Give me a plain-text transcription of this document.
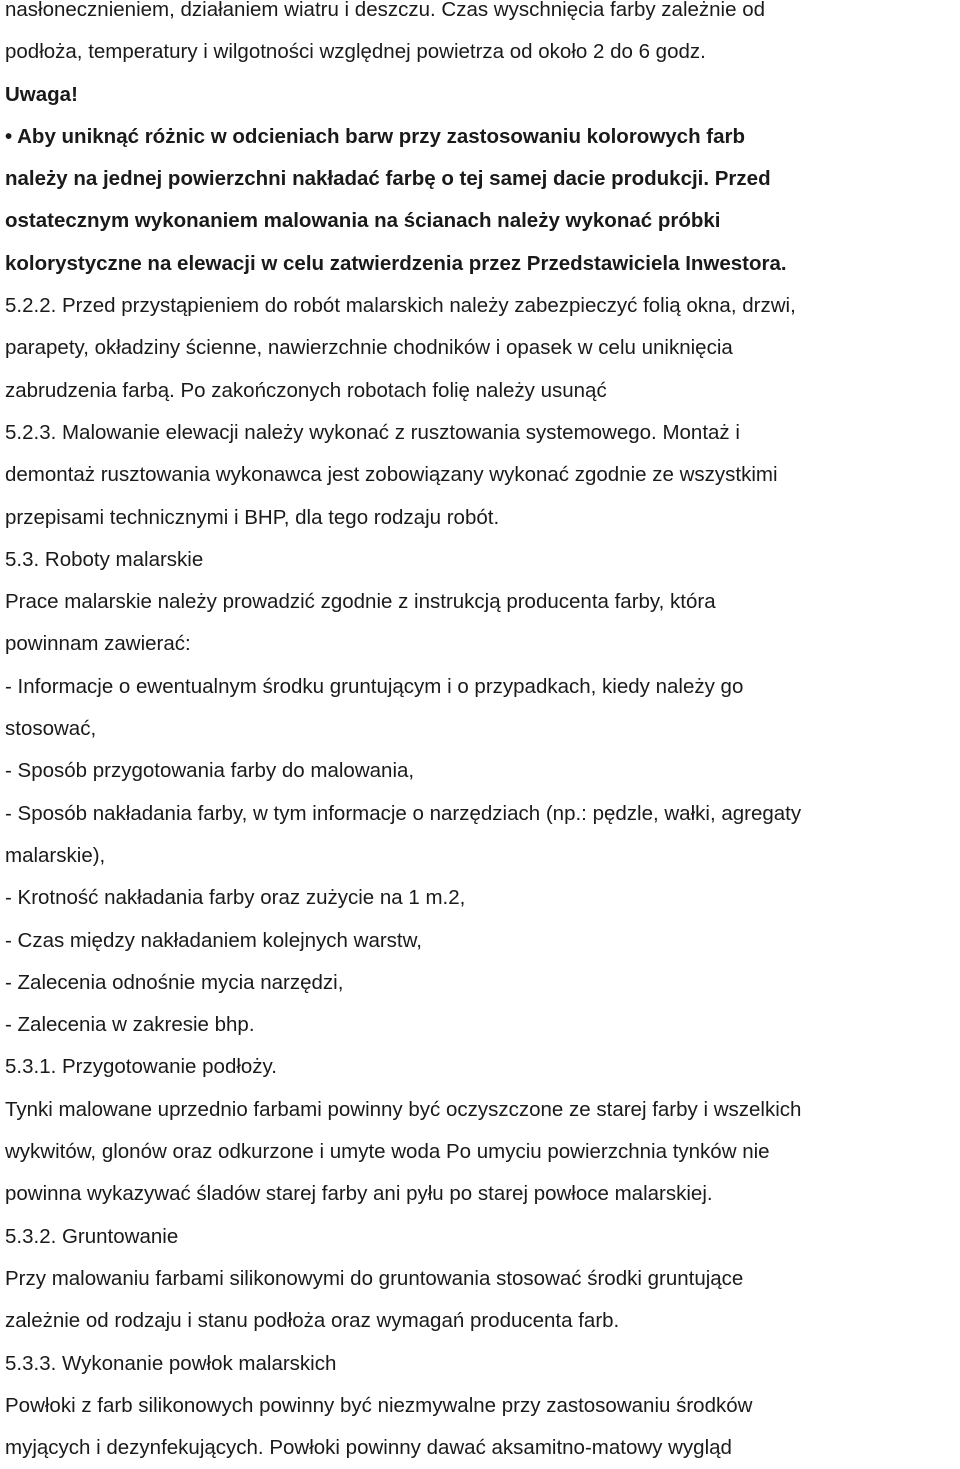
nasłonecznieniem, działaniem wiatru i deszczu. Czas wyschnięcia farby zależnie od
podłoża, temperatury i wilgotności względnej powietrza od około 2 do 6 godz.
Uwaga!
• Aby uniknąć różnic w odcieniach barw przy zastosowaniu kolorowych farb
należy na jednej powierzchni nakładać farbę o tej samej dacie produkcji. Przed
ostatecznym wykonaniem malowania na ścianach należy wykonać próbki
kolorystyczne na elewacji w celu zatwierdzenia przez Przedstawiciela Inwestora.
5.2.2. Przed przystąpieniem do robót malarskich należy zabezpieczyć folią okna, drzwi,
parapety, okładziny ścienne, nawierzchnie chodników i opasek w celu uniknięcia
zabrudzenia farbą. Po zakończonych robotach folię należy usunąć
5.2.3. Malowanie elewacji należy wykonać z rusztowania systemowego. Montaż i
demontaż rusztowania wykonawca jest zobowiązany wykonać zgodnie ze wszystkimi
przepisami technicznymi i BHP, dla tego rodzaju robót.
5.3. Roboty malarskie
Prace malarskie należy prowadzić zgodnie z instrukcją producenta farby, która
powinnam zawierać:
- Informacje o ewentualnym środku gruntującym i o przypadkach, kiedy należy go
stosować,
- Sposób przygotowania farby do malowania,
- Sposób nakładania farby, w tym informacje o narzędziach (np.: pędzle, wałki, agregaty
malarskie),
- Krotność nakładania farby oraz zużycie na 1 m.2,
- Czas między nakładaniem kolejnych warstw,
- Zalecenia odnośnie mycia narzędzi,
- Zalecenia w zakresie bhp.
5.3.1. Przygotowanie podłoży.
Tynki malowane uprzednio farbami powinny być oczyszczone ze starej farby i wszelkich
wykwitów, glonów oraz odkurzone i umyte woda Po umyciu powierzchnia tynków nie
powinna wykazywać śladów starej farby ani pyłu po starej powłoce malarskiej.
5.3.2. Gruntowanie
Przy malowaniu farbami silikonowymi do gruntowania stosować środki gruntujące
zależnie od rodzaju i stanu podłoża oraz wymagań producenta farb.
5.3.3. Wykonanie powłok malarskich
Powłoki z farb silikonowych powinny być niezmywalne przy zastosowaniu środków
myjących i dezynfekujących. Powłoki powinny dawać aksamitno-matowy wygląd
